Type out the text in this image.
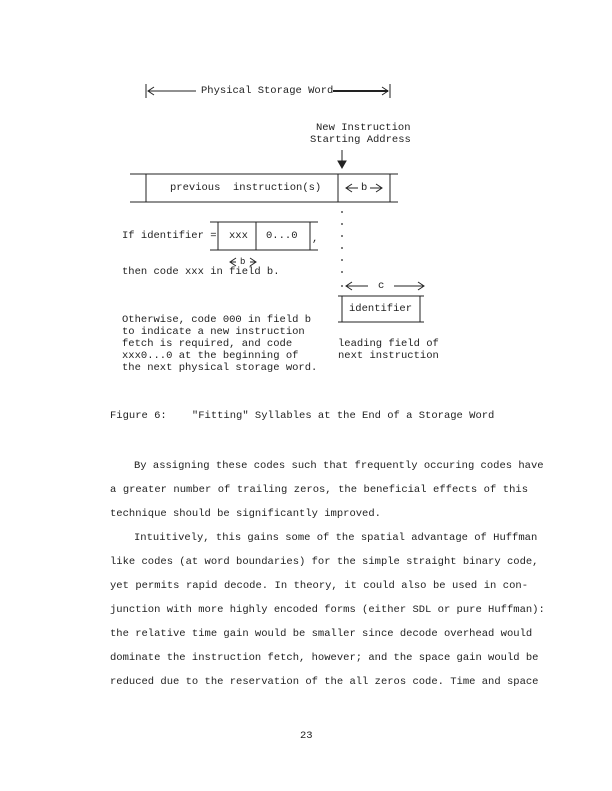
Physical Storage Word
New Instruction
Starting Address
previous  instruction(s)	b
If identifier = xxx 0...0 ,
b
then code xxx in field b.
c
identifier
Otherwise, code 000 in field b
to indicate a new instruction
fetch is required, and code
xxx0...0 at the beginning of
the next physical storage word.
leading field of
next instruction
Figure 6:    "Fitting" Syllables at the End of a Storage Word
By assigning these codes such that frequently occuring codes have
a greater number of trailing zeros, the beneficial effects of this
technique should be significantly improved.
Intuitively, this gains some of the spatial advantage of Huffman
like codes (at word boundaries) for the simple straight binary code,
yet permits rapid decode. In theory, it could also be used in con-
junction with more highly encoded forms (either SDL or pure Huffman):
the relative time gain would be smaller since decode overhead would
dominate the instruction fetch, however; and the space gain would be
reduced due to the reservation of the all zeros code. Time and space
23
